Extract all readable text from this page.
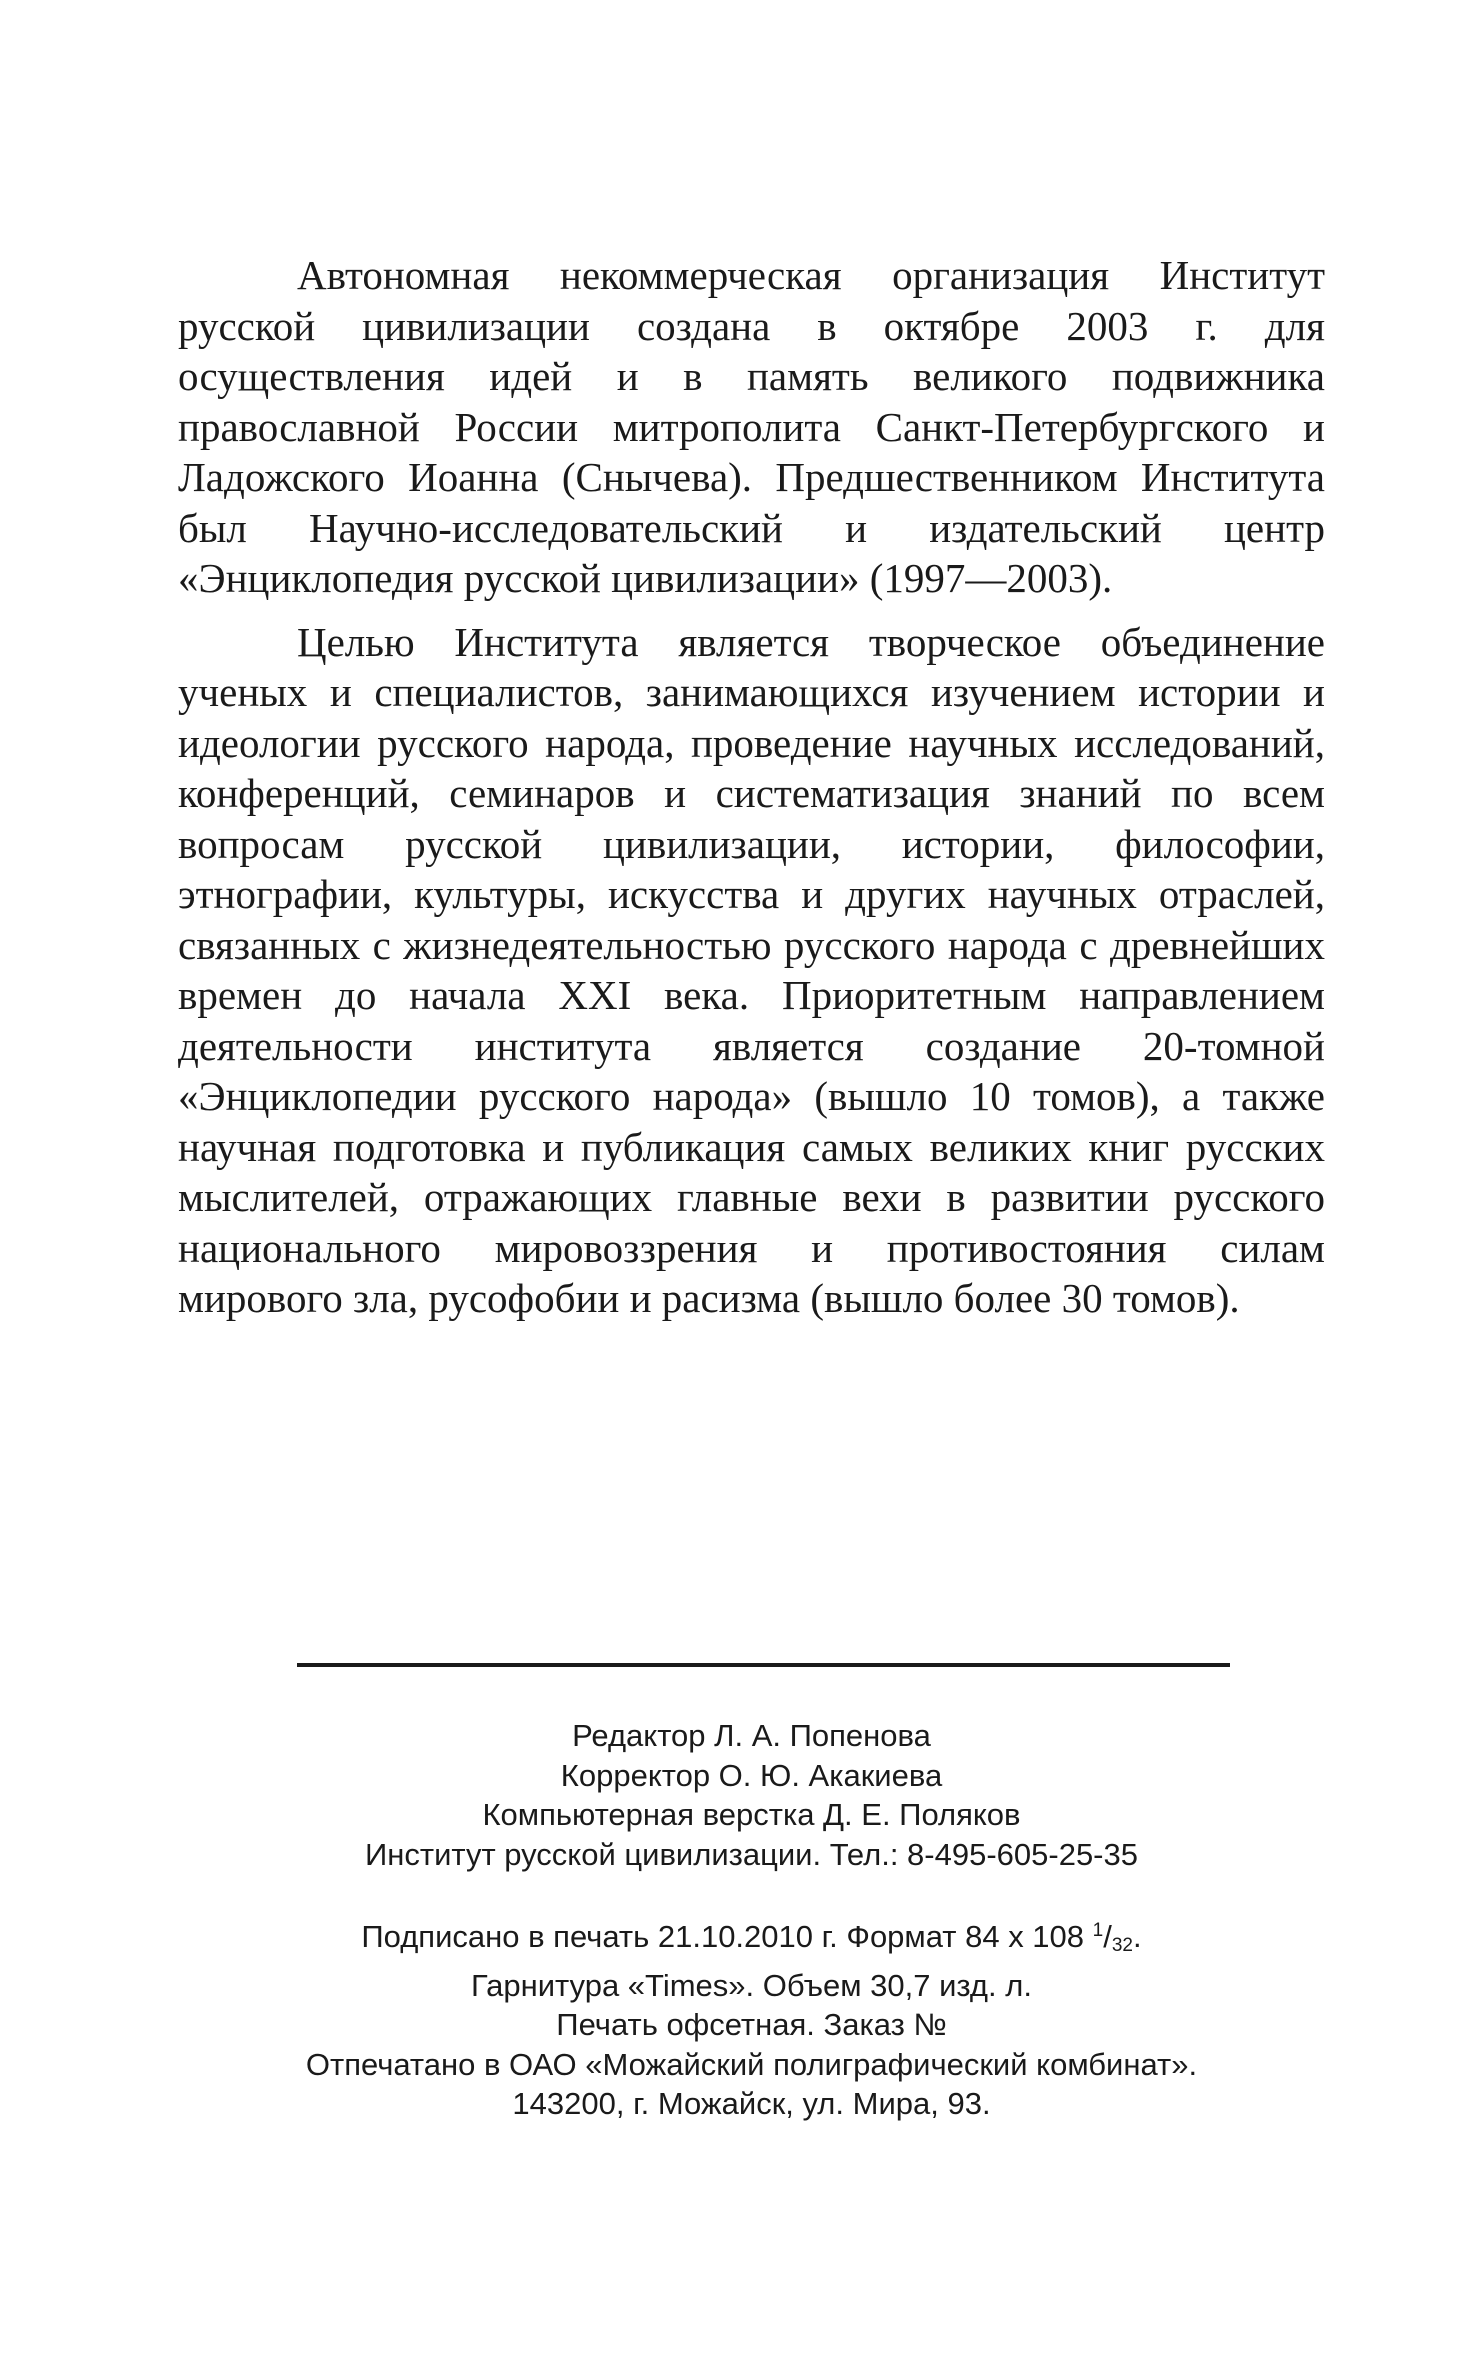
Автономная некоммерческая организация Институт русской цивилизации создана в октябре 2003 г. для осуществления идей и в память великого подвижника православной России митрополита Санкт-Петербургского и Ладожского Иоанна (Снычева). Предшественником Института был Научно-исследовательский и издательский центр «Энциклопедия русской цивилизации» (1997—2003).

Целью Института является творческое объединение ученых и специалистов, занимающихся изучением истории и идеологии русского народа, проведение научных исследований, конференций, семинаров и систематизация знаний по всем вопросам русской цивилизации, истории, философии, этнографии, культуры, искусства и других научных отраслей, связанных с жизнедеятельностью русского народа с древнейших времен до начала XXI века. Приоритетным направлением деятельности института является создание 20-томной «Энциклопедии русского народа» (вышло 10 томов), а также научная подготовка и публикация самых великих книг русских мыслителей, отражающих главные вехи в развитии русского национального мировоззрения и противостояния силам мирового зла, русофобии и расизма (вышло более 30 томов).

Редактор Л. А. Попенова
Корректор О. Ю. Акакиева
Компьютерная верстка Д. Е. Поляков
Институт русской цивилизации. Тел.: 8-495-605-25-35
Подписано в печать 21.10.2010 г. Формат 84 х 108 $^1/_{32}$.
Гарнитура «Times». Объем 30,7 изд. л.
Печать офсетная. Заказ №
Отпечатано в ОАО «Можайский полиграфический комбинат».
143200, г. Можайск, ул. Мира, 93.
